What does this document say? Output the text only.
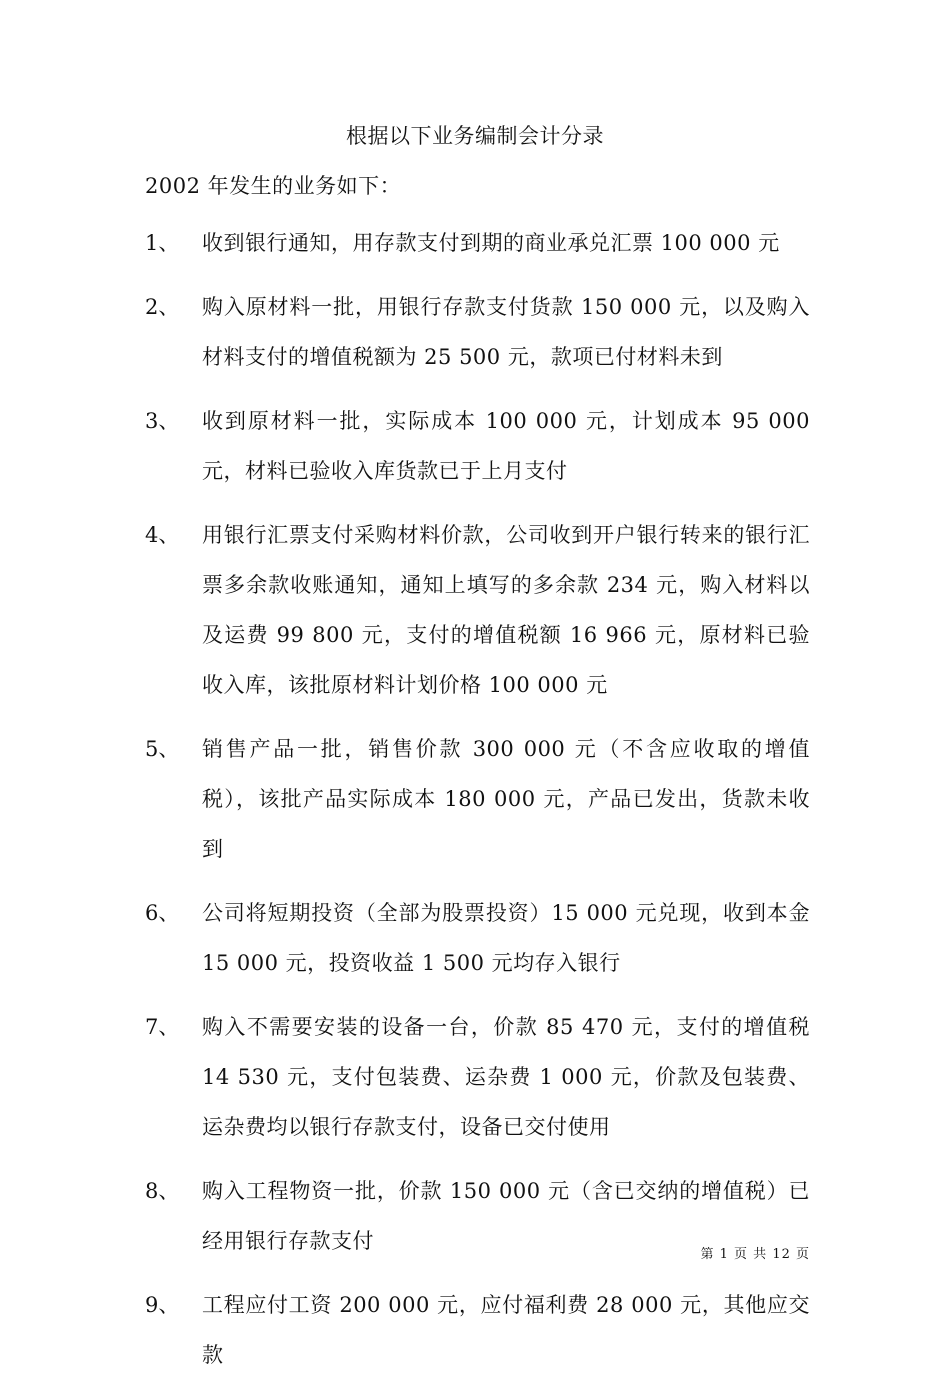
根据以下业务编制会计分录
2002 年发生的业务如下：
1、	收到银行通知，用存款支付到期的商业承兑汇票 100 000 元
2、	购入原材料一批，用银行存款支付货款 150 000 元，以及购入材料支付的增值税额为 25 500 元，款项已付材料未到
3、	收到原材料一批，实际成本 100 000 元，计划成本 95 000 元，材料已验收入库货款已于上月支付
4、	用银行汇票支付采购材料价款，公司收到开户银行转来的银行汇票多余款收账通知，通知上填写的多余款 234 元，购入材料以及运费 99 800 元，支付的增值税额 16 966 元，原材料已验收入库，该批原材料计划价格 100 000 元
5、	销售产品一批，销售价款 300 000 元（不含应收取的增值税），该批产品实际成本 180 000 元，产品已发出，货款未收到
6、	公司将短期投资（全部为股票投资）15 000 元兑现，收到本金 15 000 元，投资收益 1 500 元均存入银行
7、	购入不需要安装的设备一台，价款 85 470 元，支付的增值税 14 530 元，支付包装费、运杂费 1 000 元，价款及包装费、运杂费均以银行存款支付，设备已交付使用
8、	购入工程物资一批，价款 150 000 元（含已交纳的增值税）已经用银行存款支付
9、	工程应付工资 200 000 元，应付福利费 28 000 元，其他应交款
第 1 页 共 12 页
